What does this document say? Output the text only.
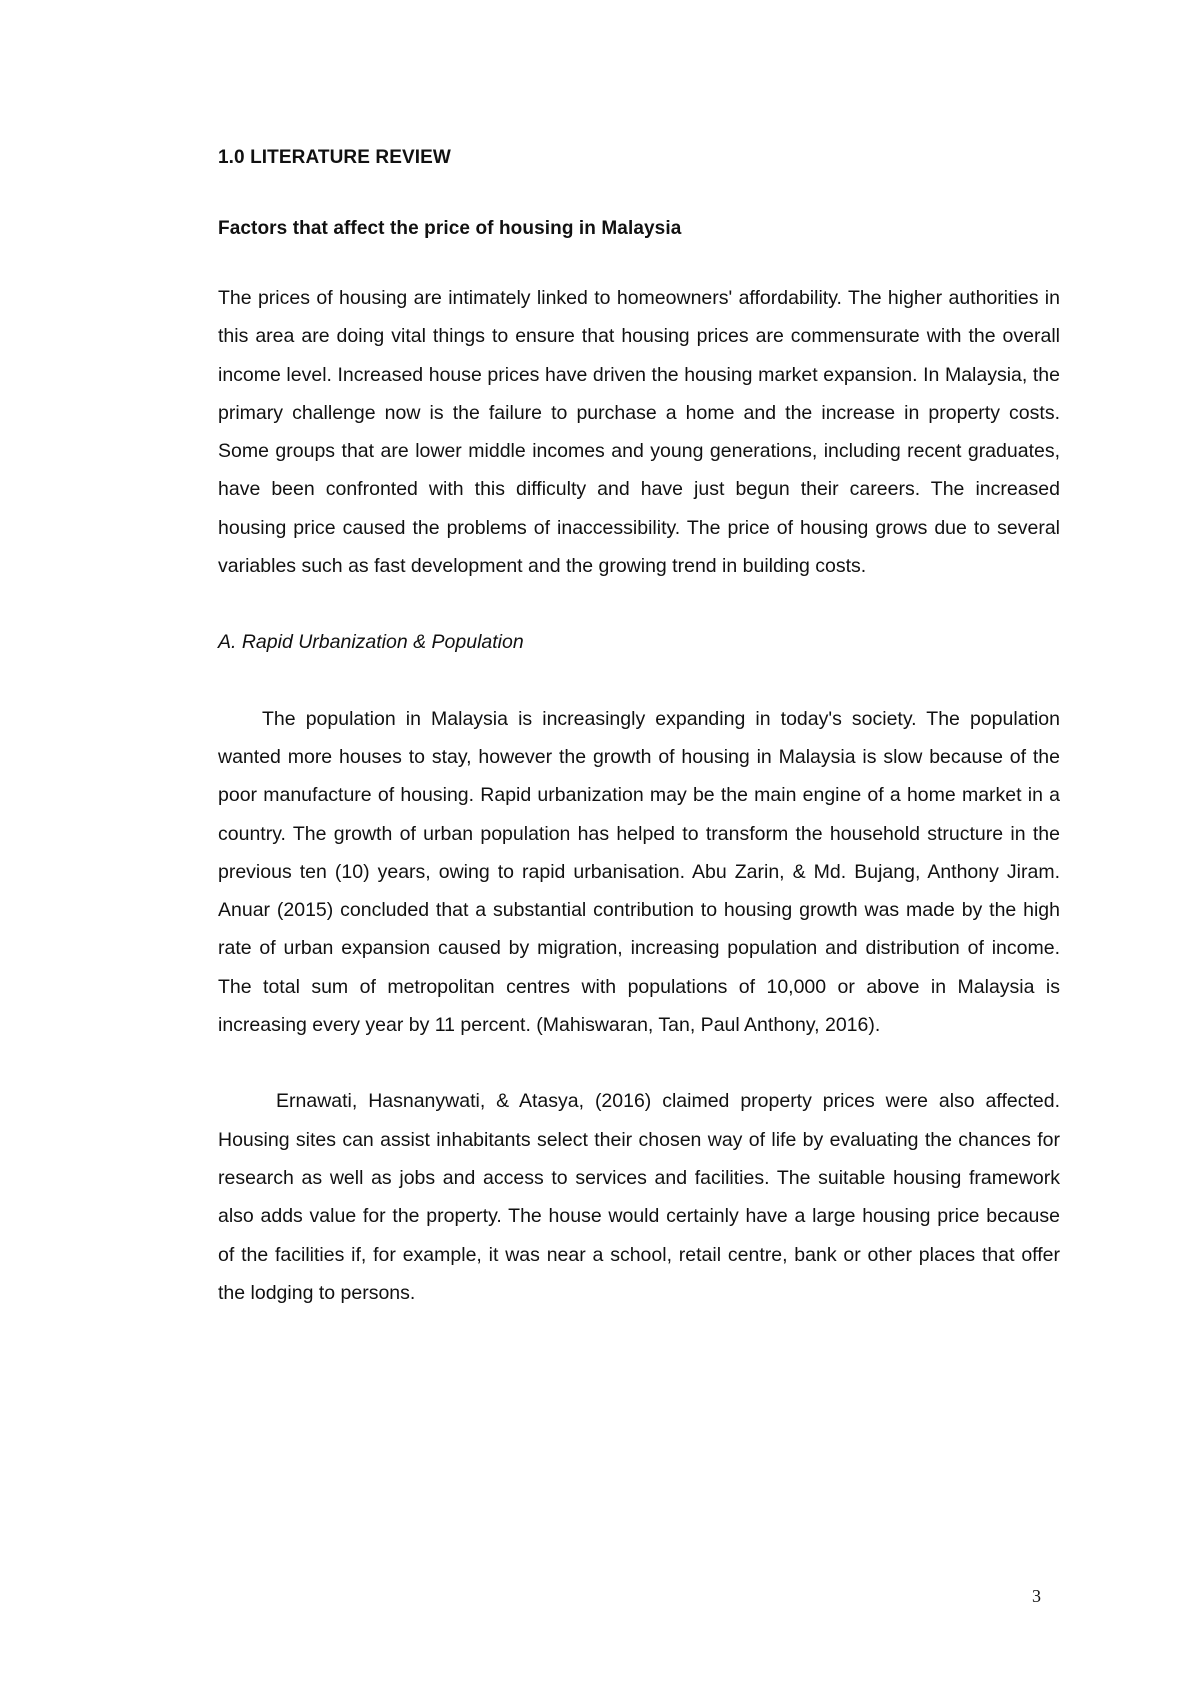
1.0 LITERATURE REVIEW
Factors that affect the price of housing in Malaysia

The prices of housing are intimately linked to homeowners' affordability. The higher authorities in this area are doing vital things to ensure that housing prices are commensurate with the overall income level. Increased house prices have driven the housing market expansion. In Malaysia, the primary challenge now is the failure to purchase a home and the increase in property costs. Some groups that are lower middle incomes and young generations, including recent graduates, have been confronted with this difficulty and have just begun their careers. The increased housing price caused the problems of inaccessibility. The price of housing grows due to several variables such as fast development and the growing trend in building costs.

A. Rapid Urbanization & Population

The population in Malaysia is increasingly expanding in today's society. The population wanted more houses to stay, however the growth of housing in Malaysia is slow because of the poor manufacture of housing. Rapid urbanization may be the main engine of a home market in a country. The growth of urban population has helped to transform the household structure in the previous ten (10) years, owing to rapid urbanisation. Abu Zarin, & Md. Bujang, Anthony Jiram. Anuar (2015) concluded that a substantial contribution to housing growth was made by the high rate of urban expansion caused by migration, increasing population and distribution of income. The total sum of metropolitan centres with populations of 10,000 or above in Malaysia is increasing every year by 11 percent. (Mahiswaran, Tan, Paul Anthony, 2016).

Ernawati, Hasnanywati, & Atasya, (2016) claimed property prices were also affected. Housing sites can assist inhabitants select their chosen way of life by evaluating the chances for research as well as jobs and access to services and facilities. The suitable housing framework also adds value for the property. The house would certainly have a large housing price because of the facilities if, for example, it was near a school, retail centre, bank or other places that offer the lodging to persons.

3
